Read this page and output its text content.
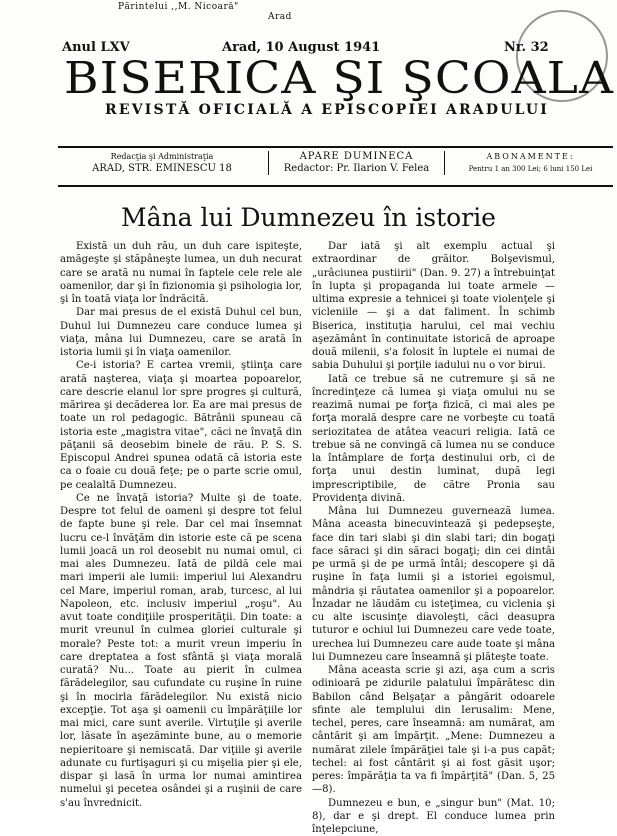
Părintelui ,,M. Nicoară"
Arad
Anul LXV	Arad, 10 August 1941	Nr. 32
BISERICA ŞI ŞCOALA
REVISTĂ OFICIALĂ A EPISCOPIEI ARADULUI
Redacţia şi Administraţia
ARAD, STR. EMINESCU 18
APARE DUMINECA
Redactor: Pr. Ilarion V. Felea
ABONAMENTE:
Pentru 1 an 300 Lei; 6 luni 150 Lei
Mâna lui Dumnezeu în istorie

Există un duh rău, un duh care ispiteşte, amăgeşte şi stăpâneşte lumea, un duh necurat care se arată nu numai în faptele cele rele ale oamenilor, dar şi în fizionomia şi psihologia lor, şi în toată viaţa lor îndrăcită.

Dar mai presus de el există Duhul cel bun, Duhul lui Dumnezeu care conduce lumea şi viaţa, mâna lui Dumnezeu, care se arată în istoria lumii şi în viaţa oamenilor.

Ce-i istoria? E cartea vremii, ştiinţa care arată naşterea, viaţa şi moartea popoarelor, care descrie elanul lor spre progres şi cultură, mărirea şi decăderea lor. Ea are mai presus de toate un rol pedagogic. Bătrânii spuneau că istoria este „magistra vitae", căci ne învaţă din păţanii să deosebim binele de rău. P. S. S. Episcopul Andrei spunea odată că istoria este ca o foaie cu două feţe; pe o parte scrie omul, pe cealaltă Dumnezeu.

Ce ne învaţă istoria? Multe şi de toate. Despre tot felul de oameni şi despre tot felul de fapte bune şi rele. Dar cel mai însemnat lucru ce-l învăţăm din istorie este că pe scena lumii joacă un rol deosebit nu numai omul, ci mai ales Dumnezeu. Iată de pildă cele mai mari imperii ale lumii: imperiul lui Alexandru cel Mare, imperiul roman, arab, turcesc, al lui Napoleon, etc. inclusiv imperiul „roşu". Au avut toate condiţiile prosperităţii. Din toate: a murit vreunul în culmea gloriei culturale şi morale? Peste tot: a murit vreun imperiu în care dreptatea a fost sfântă şi viaţa morală curată? Nu... Toate au pierit în culmea fărădelegilor, sau cufundate cu ruşine în ruine şi în mocirla fărădelegilor. Nu există nicio excepţie. Tot aşa şi oamenii cu împărăţiile lor mai mici, care sunt averile. Virtuţile şi averile lor, lăsate în aşezăminte bune, au o memorie nepieritoare şi nemiscată. Dar viţiile şi averile adunate cu furtişaguri şi cu mişelia pier şi ele, dispar şi lasă în urma lor numai amintirea numelui şi pecetea osândei şi a ruşinii de care s'au învrednicit.

Dar iată şi alt exemplu actual şi extraordinar de grăitor. Bolşevismul, „urâciunea pustiirii" (Dan. 9. 27) a întrebuinţat în lupta şi propaganda lui toate armele — ultima expresie a tehnicei şi toate violenţele şi vicleniile — şi a dat faliment. În schimb Biserica, instituţia harului, cel mai vechiu aşezământ în continuitate istorică de aproape două milenii, s'a folosit în luptele ei numai de sabia Duhului şi porţile iadului nu o vor birui.

Iată ce trebue să ne cutremure şi să ne încredinţeze că lumea şi viaţa omului nu se reazimă numai pe forţa fizică, ci mai ales pe forţa morală despre care ne vorbeşte cu toată seriozitatea de atâtea veacuri religia. Iată ce trebue să ne convingă că lumea nu se conduce la întâmplare de forţa destinului orb, ci de forţa unui destin luminat, după legi imprescriptibile, de către Pronia sau Providenţa divină.

Mâna lui Dumnezeu guvernează lumea. Mâna aceasta binecuvintează şi pedepseşte, face din tari slabi şi din slabi tari; din bogaţi face săraci şi din săraci bogaţi; din cei dintâi pe urmă şi de pe urmă întâi; descopere şi dă ruşine în faţa lumii şi a istoriei egoismul, mândria şi răutatea oamenilor şi a popoarelor. Înzadar ne lăudăm cu isteţimea, cu viclenia şi cu alte iscusinţe diavoleşti, căci deasupra tuturor e ochiul lui Dumnezeu care vede toate, urechea lui Dumnezeu care aude toate şi mâna lui Dumnezeu care înseamnă şi plăteşte toate.

Mâna aceasta scrie şi azi, aşa cum a scris odinioară pe zidurile palatului împărătesc din Babilon când Belşaţar a pângărit odoarele sfinte ale templului din Ierusalim: Mene, techel, peres, care înseamnă: am numărat, am cântărit şi am împărţit. „Mene: Dumnezeu a numărat zilele împărăţiei tale şi i-a pus capăt; techel: ai fost cântărit şi ai fost găsit uşor; peres: împărăţia ta va fi împărţită" (Dan. 5, 25—8).

Dumnezeu e bun, e „singur bun" (Mat. 10; 8), dar e şi drept. El conduce lumea prin înţelepciune,
